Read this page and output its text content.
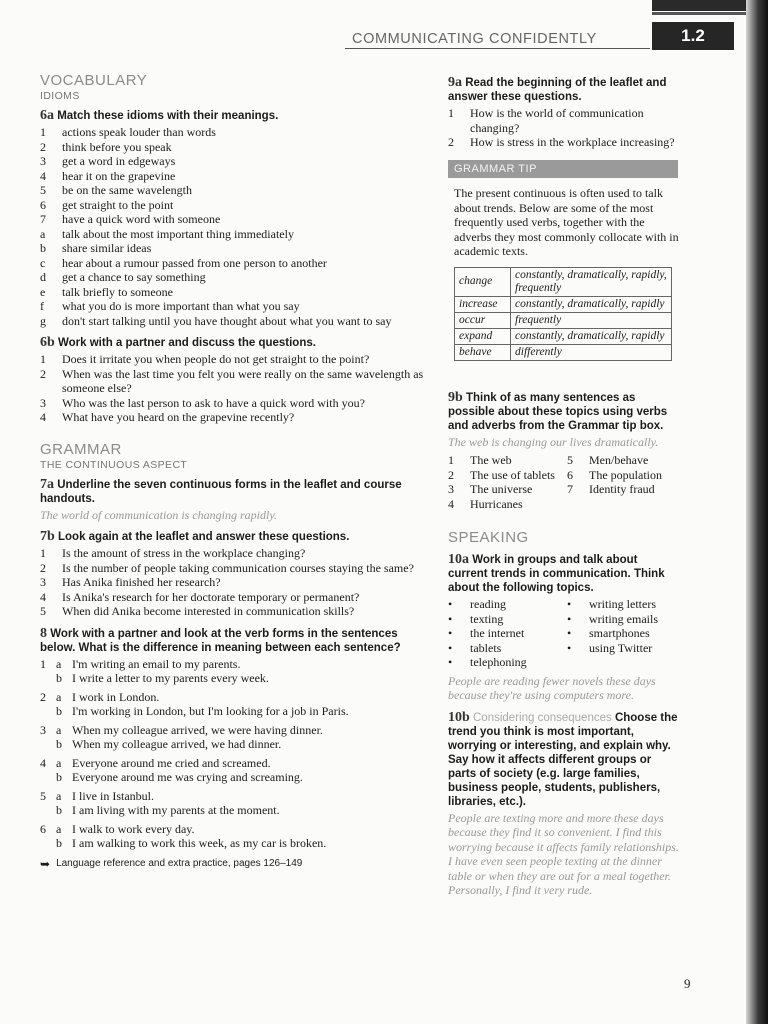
COMMUNICATING CONFIDENTLY	1.2
VOCABULARY
IDIOMS
6a Match these idioms with their meanings.
1	actions speak louder than words
2	think before you speak
3	get a word in edgeways
4	hear it on the grapevine
5	be on the same wavelength
6	get straight to the point
7	have a quick word with someone
a	talk about the most important thing immediately
b	share similar ideas
c	hear about a rumour passed from one person to another
d	get a chance to say something
e	talk briefly to someone
f	what you do is more important than what you say
g	don't start talking until you have thought about what you want to say
6b Work with a partner and discuss the questions.
1	Does it irritate you when people do not get straight to the point?
2	When was the last time you felt you were really on the same wavelength as someone else?
3	Who was the last person to ask to have a quick word with you?
4	What have you heard on the grapevine recently?
GRAMMAR
THE CONTINUOUS ASPECT
7a Underline the seven continuous forms in the leaflet and course handouts.
The world of communication is changing rapidly.
7b Look again at the leaflet and answer these questions.
1	Is the amount of stress in the workplace changing?
2	Is the number of people taking communication courses staying the same?
3	Has Anika finished her research?
4	Is Anika's research for her doctorate temporary or permanent?
5	When did Anika become interested in communication skills?
8 Work with a partner and look at the verb forms in the sentences below. What is the difference in meaning between each sentence?
1 a I'm writing an email to my parents.
b I write a letter to my parents every week.
2 a I work in London.
b I'm working in London, but I'm looking for a job in Paris.
3 a When my colleague arrived, we were having dinner.
b When my colleague arrived, we had dinner.
4 a Everyone around me cried and screamed.
b Everyone around me was crying and screaming.
5 a I live in Istanbul.
b I am living with my parents at the moment.
6 a I walk to work every day.
b I am walking to work this week, as my car is broken.
➥ Language reference and extra practice, pages 126–149
9a Read the beginning of the leaflet and answer these questions.
1	How is the world of communication changing?
2	How is stress in the workplace increasing?
GRAMMAR TIP
The present continuous is often used to talk about trends. Below are some of the most frequently used verbs, together with the adverbs they most commonly collocate with in academic texts.
change	constantly, dramatically, rapidly, frequently
increase	constantly, dramatically, rapidly
occur	frequently
expand	constantly, dramatically, rapidly
behave	differently
9b Think of as many sentences as possible about these topics using verbs and adverbs from the Grammar tip box.
The web is changing our lives dramatically.
1	The web
2	The use of tablets
3	The universe
4	Hurricanes
5	Men/behave
6	The population
7	Identity fraud
SPEAKING
10a Work in groups and talk about current trends in communication. Think about the following topics.
•	reading
•	texting
•	the internet
•	tablets
•	telephoning
•	writing letters
•	writing emails
•	smartphones
•	using Twitter
People are reading fewer novels these days because they're using computers more.
10b Considering consequences Choose the trend you think is most important, worrying or interesting, and explain why. Say how it affects different groups or parts of society (e.g. large families, business people, students, publishers, libraries, etc.).
People are texting more and more these days because they find it so convenient. I find this worrying because it affects family relationships. I have even seen people texting at the dinner table or when they are out for a meal together. Personally, I find it very rude.
9
